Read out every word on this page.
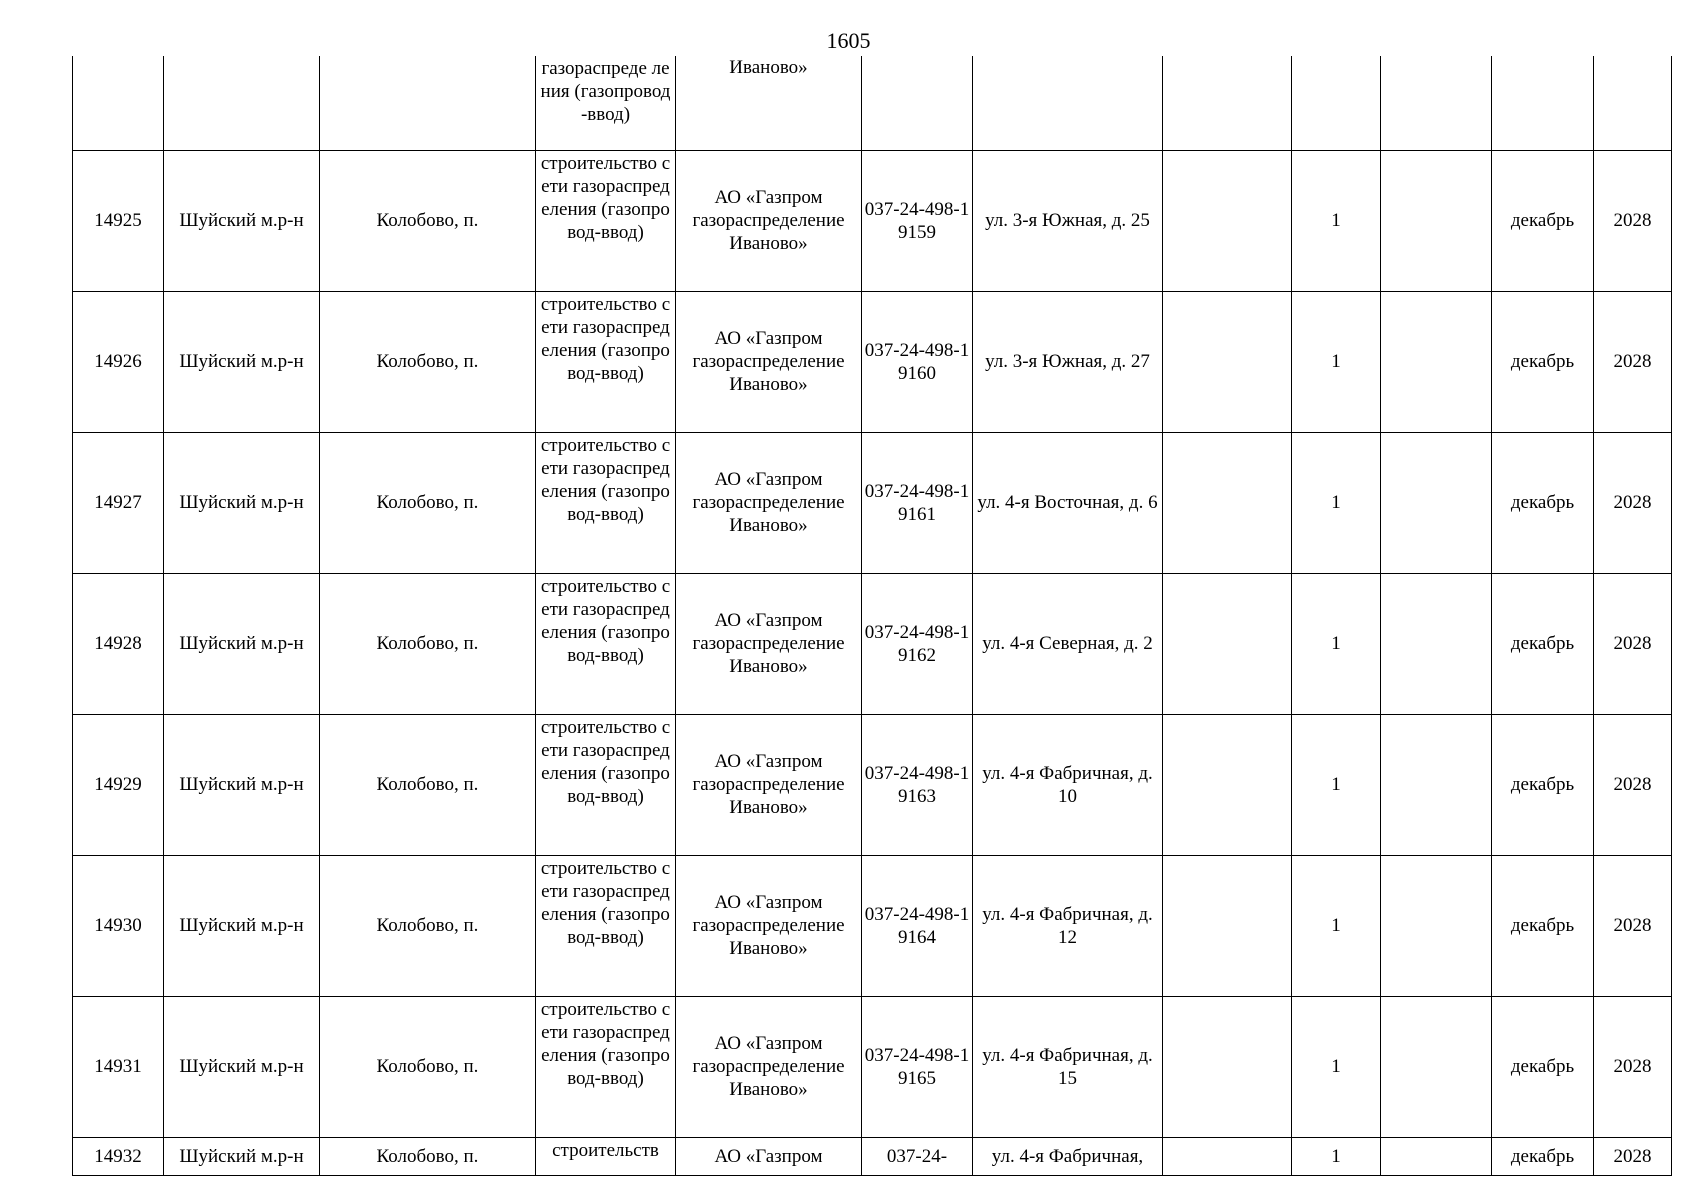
1605
			газораспреде ления (газопровод-ввод)	Иваново»							
14925	Шуйский м.р-н	Колобово, п.	строительство сети газораспределения (газопровод-ввод)	АО «Газпром газораспределение Иваново»	037-24-498-19159	ул. 3-я Южная, д. 25		1		декабрь	2028
14926	Шуйский м.р-н	Колобово, п.	строительство сети газораспределения (газопровод-ввод)	АО «Газпром газораспределение Иваново»	037-24-498-19160	ул. 3-я Южная, д. 27		1		декабрь	2028
14927	Шуйский м.р-н	Колобово, п.	строительство сети газораспределения (газопровод-ввод)	АО «Газпром газораспределение Иваново»	037-24-498-19161	ул. 4-я Восточная, д. 6		1		декабрь	2028
14928	Шуйский м.р-н	Колобово, п.	строительство сети газораспределения (газопровод-ввод)	АО «Газпром газораспределение Иваново»	037-24-498-19162	ул. 4-я Северная, д. 2		1		декабрь	2028
14929	Шуйский м.р-н	Колобово, п.	строительство сети газораспределения (газопровод-ввод)	АО «Газпром газораспределение Иваново»	037-24-498-19163	ул. 4-я Фабричная, д. 10		1		декабрь	2028
14930	Шуйский м.р-н	Колобово, п.	строительство сети газораспределения (газопровод-ввод)	АО «Газпром газораспределение Иваново»	037-24-498-19164	ул. 4-я Фабричная, д. 12		1		декабрь	2028
14931	Шуйский м.р-н	Колобово, п.	строительство сети газораспределения (газопровод-ввод)	АО «Газпром газораспределение Иваново»	037-24-498-19165	ул. 4-я Фабричная, д. 15		1		декабрь	2028
14932	Шуйский м.р-н	Колобово, п.	строительств	АО «Газпром	037-24-	ул. 4-я Фабричная,		1		декабрь	2028
